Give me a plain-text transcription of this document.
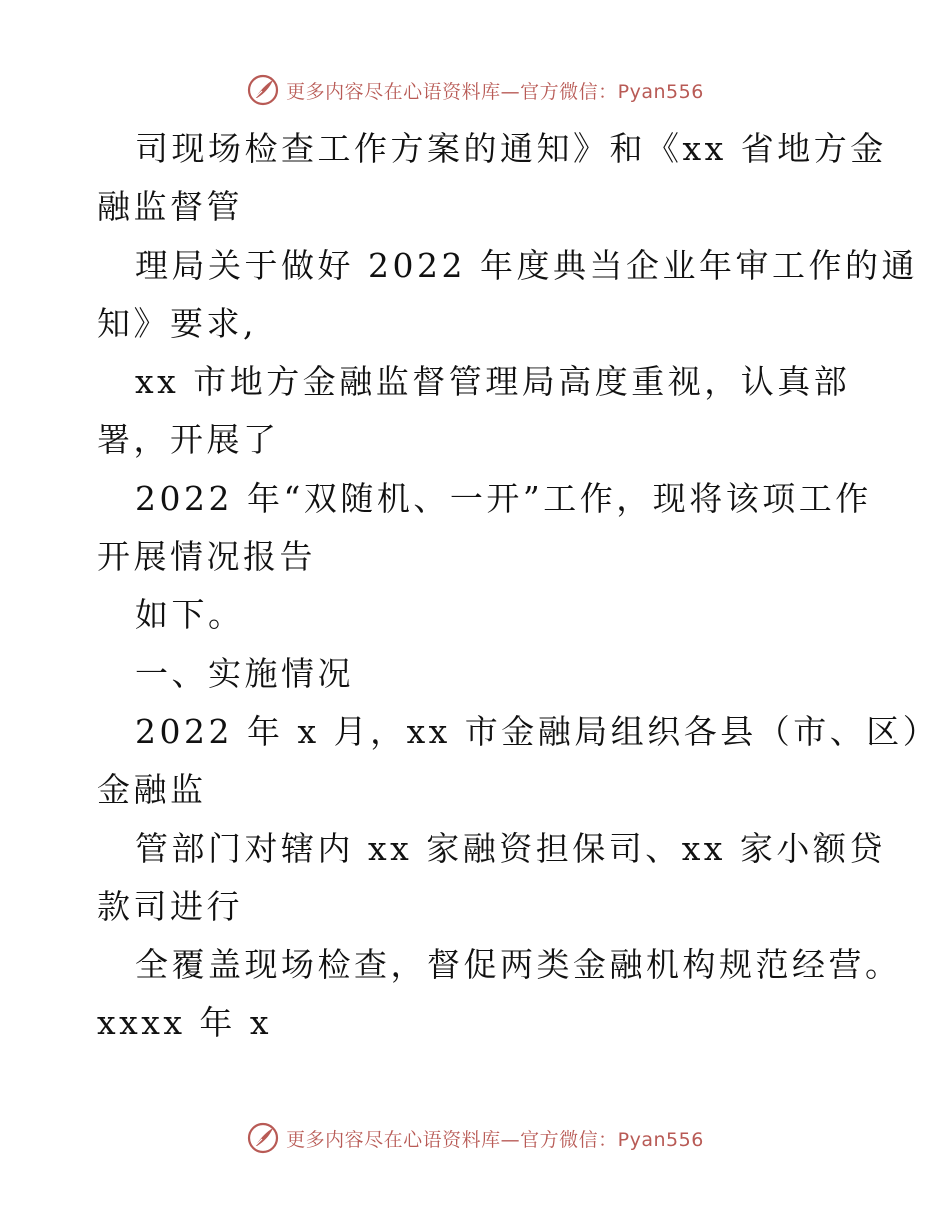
更多内容尽在心语资料库—官方微信：Pyan556
司现场检查工作方案的通知》和《xx 省地方金
融监督管
理局关于做好 2022 年度典当企业年审工作的通
知》要求,
xx 市地方金融监督管理局高度重视，认真部
署，开展了
2022 年“双随机、一开”工作，现将该项工作
开展情况报告
如下。
一、实施情况
2022 年 x 月，xx 市金融局组织各县（市、区）
金融监
管部门对辖内 xx 家融资担保司、xx 家小额贷
款司进行
全覆盖现场检查，督促两类金融机构规范经营。
xxxx 年 x
更多内容尽在心语资料库—官方微信：Pyan556
